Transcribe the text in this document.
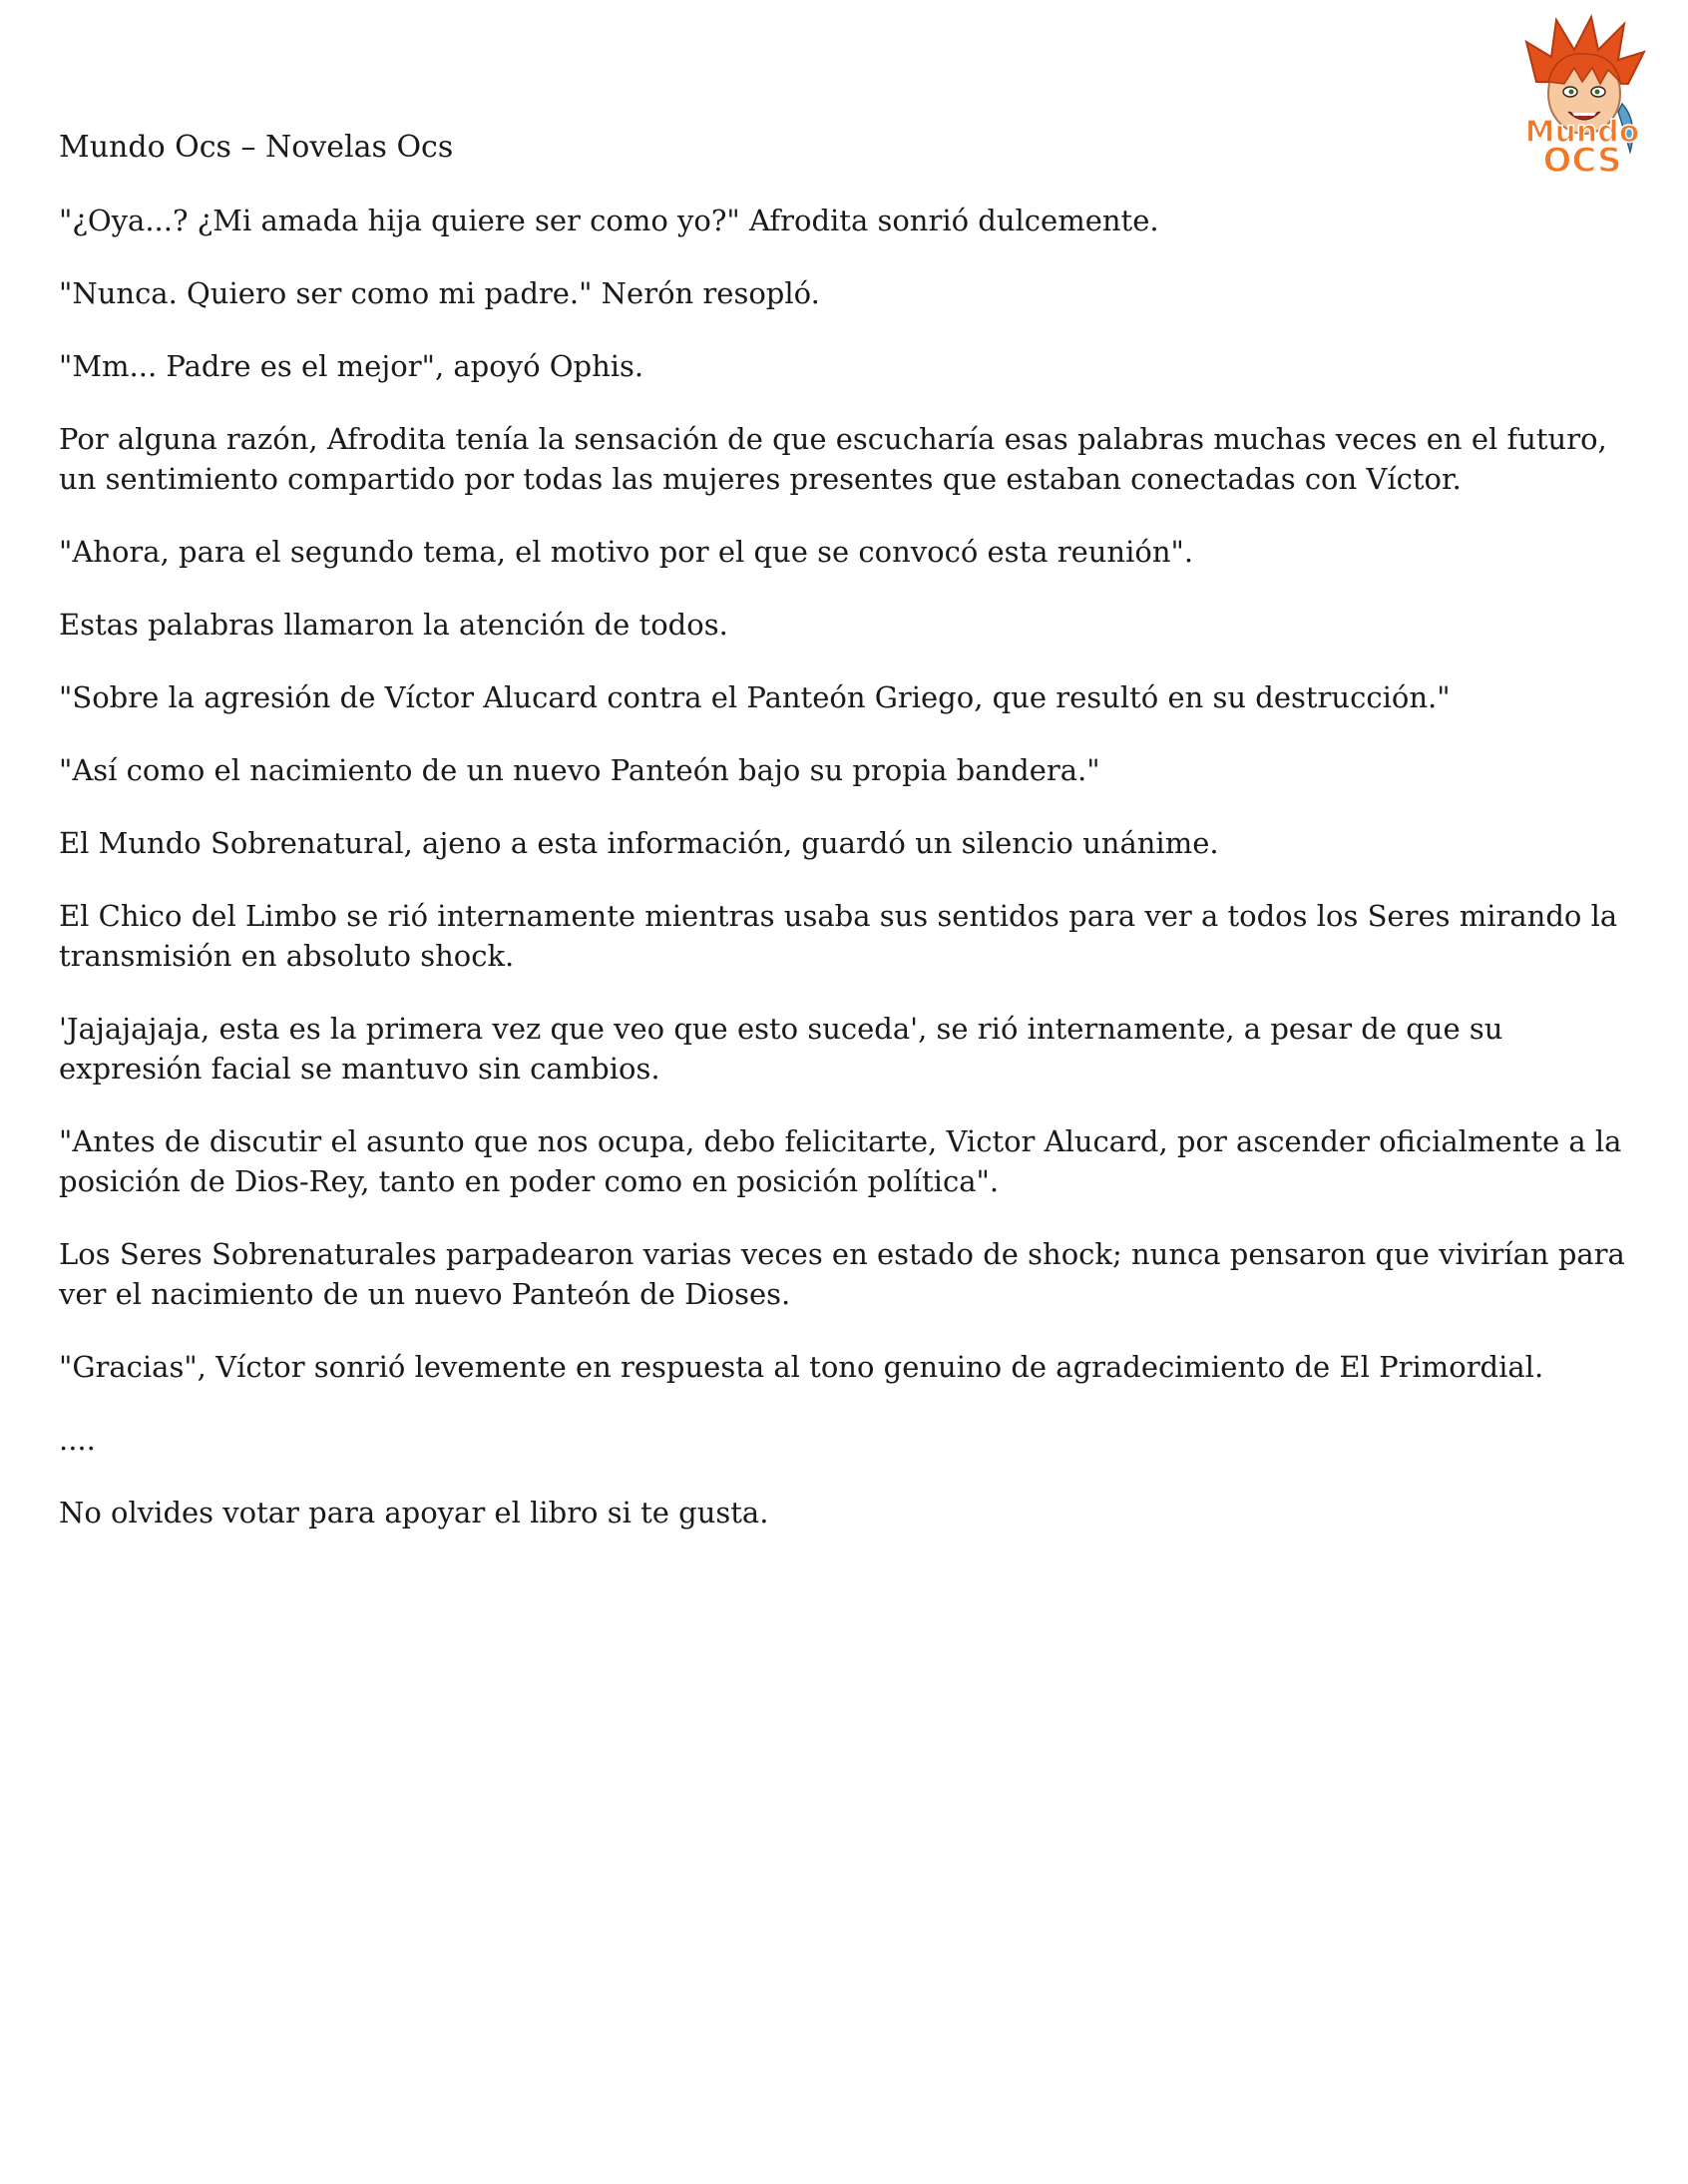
Mundo
OCS

Mundo Ocs – Novelas Ocs

"¿Oya...? ¿Mi amada hija quiere ser como yo?" Afrodita sonrió dulcemente.

"Nunca. Quiero ser como mi padre." Nerón resopló.

"Mm... Padre es el mejor", apoyó Ophis.

Por alguna razón, Afrodita tenía la sensación de que escucharía esas palabras muchas veces en el futuro, un sentimiento compartido por todas las mujeres presentes que estaban conectadas con Víctor.

"Ahora, para el segundo tema, el motivo por el que se convocó esta reunión".

Estas palabras llamaron la atención de todos.

"Sobre la agresión de Víctor Alucard contra el Panteón Griego, que resultó en su destrucción."

"Así como el nacimiento de un nuevo Panteón bajo su propia bandera."

El Mundo Sobrenatural, ajeno a esta información, guardó un silencio unánime.

El Chico del Limbo se rió internamente mientras usaba sus sentidos para ver a todos los Seres mirando la transmisión en absoluto shock.

'Jajajajaja, esta es la primera vez que veo que esto suceda', se rió internamente, a pesar de que su expresión facial se mantuvo sin cambios.

"Antes de discutir el asunto que nos ocupa, debo felicitarte, Victor Alucard, por ascender oficialmente a la posición de Dios-Rey, tanto en poder como en posición política".

Los Seres Sobrenaturales parpadearon varias veces en estado de shock; nunca pensaron que vivirían para ver el nacimiento de un nuevo Panteón de Dioses.

"Gracias", Víctor sonrió levemente en respuesta al tono genuino de agradecimiento de El Primordial.

....

No olvides votar para apoyar el libro si te gusta.
